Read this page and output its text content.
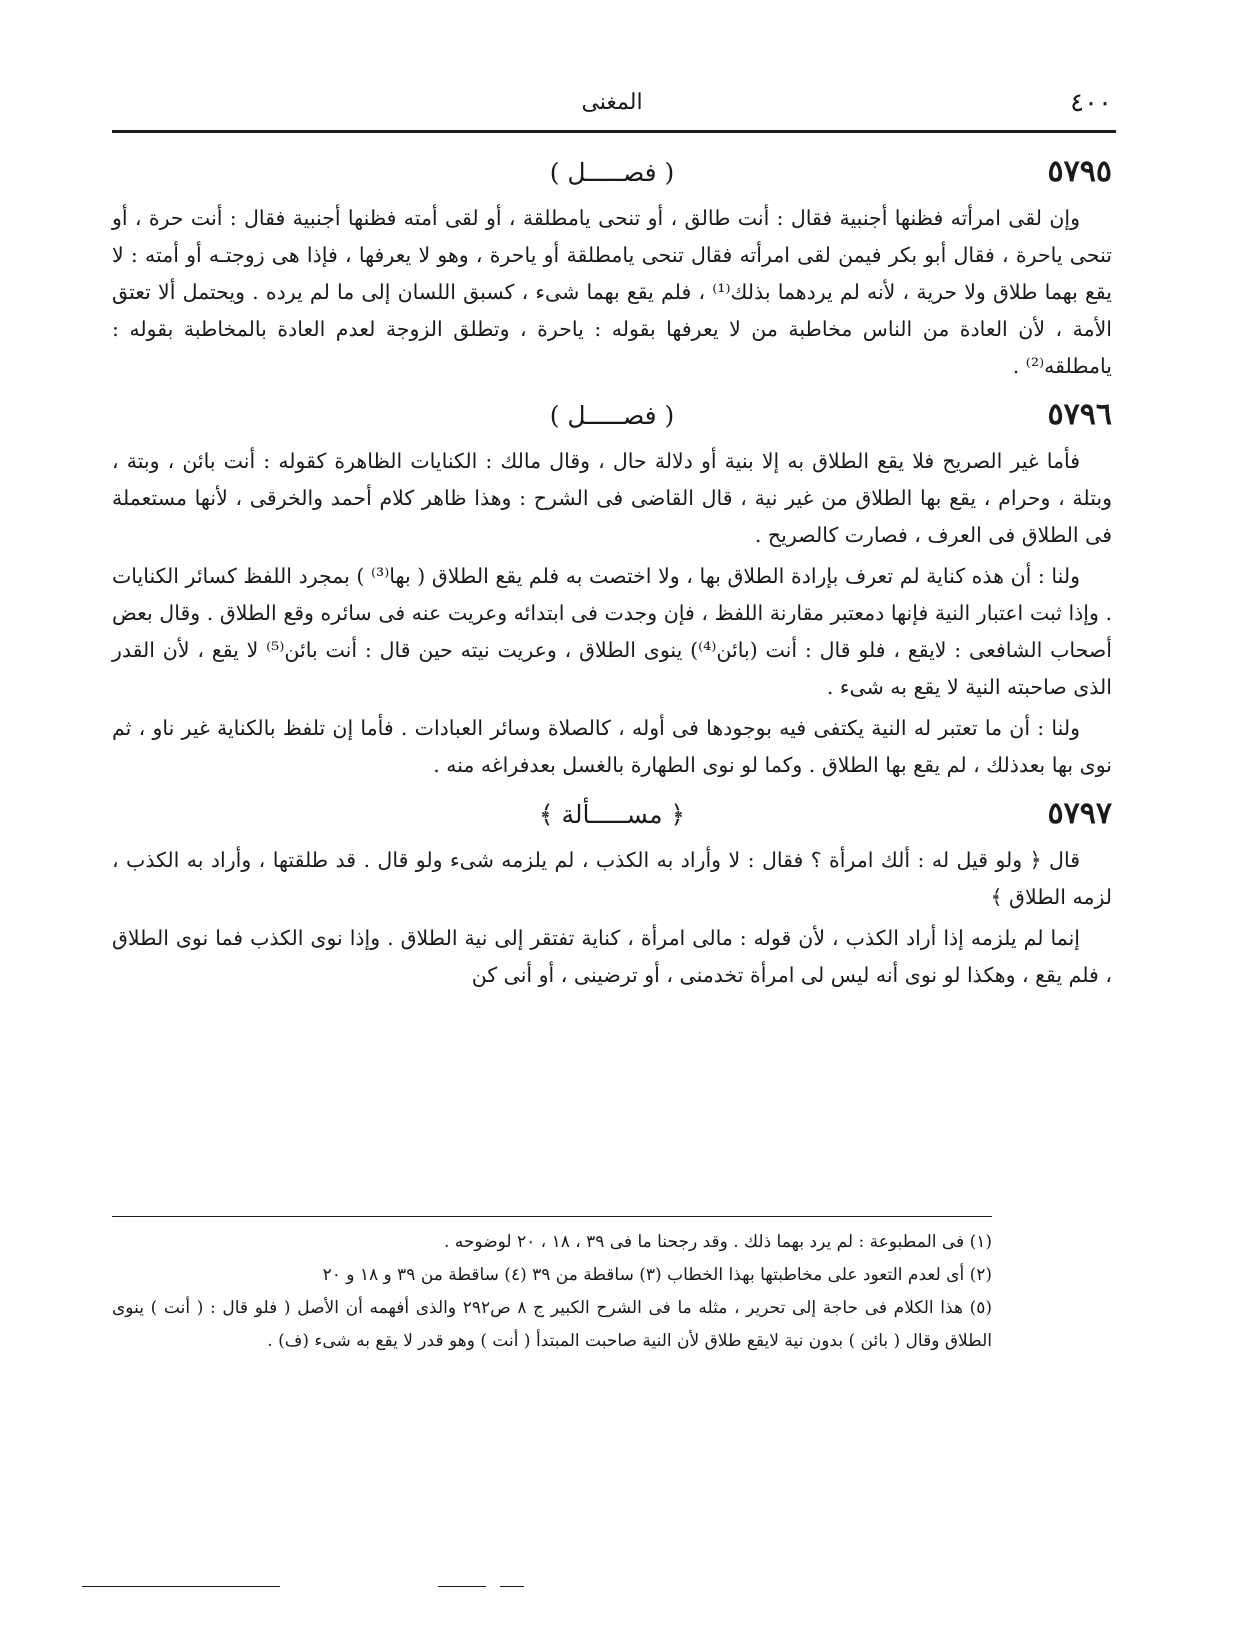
٤٠٠
المغنى
٥٧٩٥
( فصـــــل )

وإن لقى امرأته فظنها أجنبية فقال : أنت طالق ، أو تنحى يامطلقة ، أو لقى أمته فظنها أجنبية فقال : أنت حرة ، أو تنحى ياحرة ، فقال أبو بكر فيمن لقى امرأته فقال تنحى يامطلقة أو ياحرة ، وهو لا يعرفها ، فإذا هى زوجتـه أو أمته : لا يقع بهما طلاق ولا حرية ، لأنه لم يردهما بذلك⁽¹⁾ ، فلم يقع بهما شىء ، كسبق اللسان إلى ما لم يرده . ويحتمل ألا تعتق الأمة ، لأن العادة من الناس مخاطبة من لا يعرفها بقوله : ياحرة ، وتطلق الزوجة لعدم العادة بالمخاطبة بقوله : يامطلقه⁽²⁾ .

٥٧٩٦
( فصـــــل )

فأما غير الصريح فلا يقع الطلاق به إلا بنية أو دلالة حال ، وقال مالك : الكنايات الظاهرة كقوله : أنت بائن ، وبتة ، وبتلة ، وحرام ، يقع بها الطلاق من غير نية ، قال القاضى فى الشرح : وهذا ظاهر كلام أحمد والخرقى ، لأنها مستعملة فى الطلاق فى العرف ، فصارت كالصريح .

ولنا : أن هذه كناية لم تعرف بإرادة الطلاق بها ، ولا اختصت به فلم يقع الطلاق ( بها⁽³⁾ ) بمجرد اللفظ كسائر الكنايات . وإذا ثبت اعتبار النية فإنها دمعتبر مقارنة اللفظ ، فإن وجدت فى ابتدائه وعريت عنه فى سائره وقع الطلاق . وقال بعض أصحاب الشافعى : لايقع ، فلو قال : أنت (بائن⁽⁴⁾) ينوى الطلاق ، وعريت نيته حين قال : أنت بائن⁽⁵⁾ لا يقع ، لأن القدر الذى صاحبته النية لا يقع به شىء .

ولنا : أن ما تعتبر له النية يكتفى فيه بوجودها فى أوله ، كالصلاة وسائر العبادات . فأما إن تلفظ بالكناية غير ناو ، ثم نوى بها بعدذلك ، لم يقع بها الطلاق . وكما لو نوى الطهارة بالغسل بعدفراغه منه .

٥٧٩٧
﴿ مســـــألة ﴾

قال ﴿ ولو قيل له : ألك امرأة ؟ فقال : لا وأراد به الكذب ، لم يلزمه شىء ولو قال . قد طلقتها ، وأراد به الكذب ، لزمه الطلاق ﴾

إنما لم يلزمه إذا أراد الكذب ، لأن قوله : مالى امرأة ، كناية تفتقر إلى نية الطلاق . وإذا نوى الكذب فما نوى الطلاق ، فلم يقع ، وهكذا لو نوى أنه ليس لى امرأة تخدمنى ، أو ترضينى ، أو أنى كن

(١) فى المطبوعة : لم يرد بهما ذلك . وقد رجحنا ما فى ٣٩ ، ١٨ ، ٢٠ لوضوحه .

(٢) أى لعدم التعود على مخاطبتها بهذا الخطاب (٣) ساقطة من ٣٩ (٤) ساقطة من ٣٩ و ١٨ و ٢٠

(٥) هذا الكلام فى حاجة إلى تحرير ، مثله ما فى الشرح الكبير ج ٨ ص٢٩٢ والذى أفهمه أن الأصل ( فلو قال : ( أنت ) ينوى الطلاق وقال ( بائن ) بدون نية لايقع طلاق لأن النية صاحبت المبتدأ ( أنت ) وهو قدر لا يقع به شىء (ف) .
